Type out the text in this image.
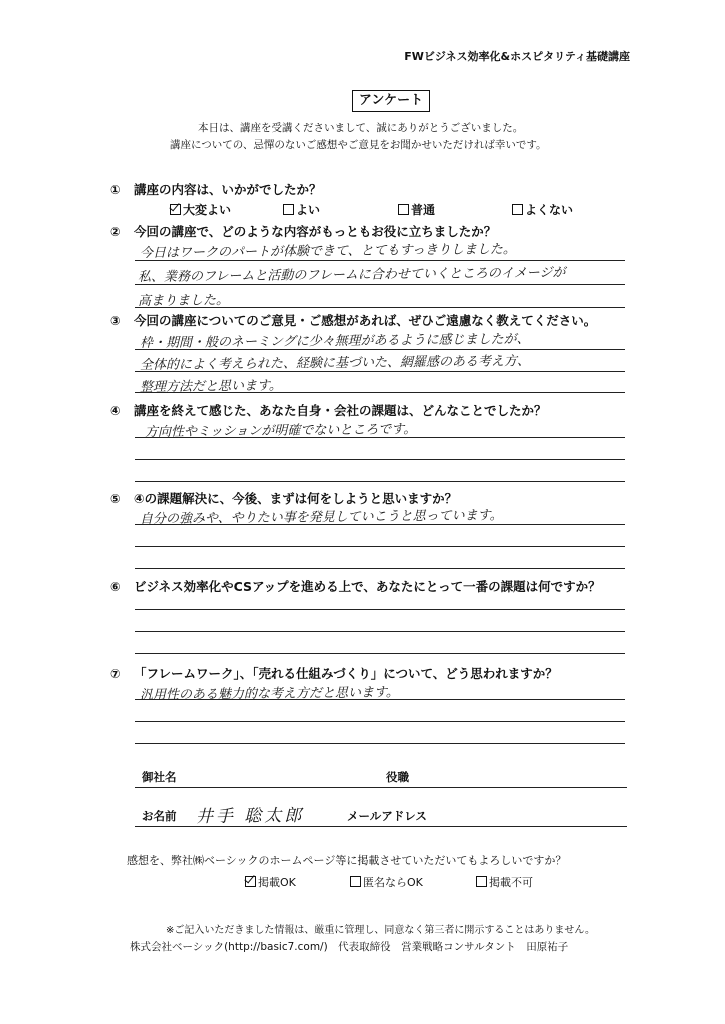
FWビジネス効率化&ホスピタリティ基礎講座
アンケート
本日は、講座を受講くださいまして、誠にありがとうございました。
講座についての、忌憚のないご感想やご意見をお聞かせいただければ幸いです。
① 講座の内容は、いかがでしたか？
大変よい	よい	普通	よくない
② 今回の講座で、どのような内容がもっともお役に立ちましたか？
今日はワークのパートが体験できて、とてもすっきりしました。
私、業務のフレームと活動のフレームに合わせていくところのイメージが
高まりました。
③ 今回の講座についてのご意見・ご感想があれば、ぜひご遠慮なく教えてください。
枠・期間・般のネーミングに少々無理があるように感じましたが、
全体的によく考えられた、経験に基づいた、網羅感のある考え方、
整理方法だと思います。
④ 講座を終えて感じた、あなた自身・会社の課題は、どんなことでしたか？
方向性やミッションが明確でないところです。
⑤ ④の課題解決に、今後、まずは何をしようと思いますか？
自分の強みや、やりたい事を発見していこうと思っています。
⑥ ビジネス効率化やCSアップを進める上で、あなたにとって一番の課題は何ですか？
⑦ 「フレームワーク」、「売れる仕組みづくり」について、どう思われますか？
汎用性のある魅力的な考え方だと思います。
御社名	役職
お名前 井手 聡太郎	メールアドレス
感想を、弊社㈱ベーシックのホームページ等に掲載させていただいてもよろしいですか？
掲載OK	匿名ならOK	掲載不可
※ご記入いただきました情報は、厳重に管理し、同意なく第三者に開示することはありません。
株式会社ベーシック(http://basic7.com/)　代表取締役　営業戦略コンサルタント　田原祐子
